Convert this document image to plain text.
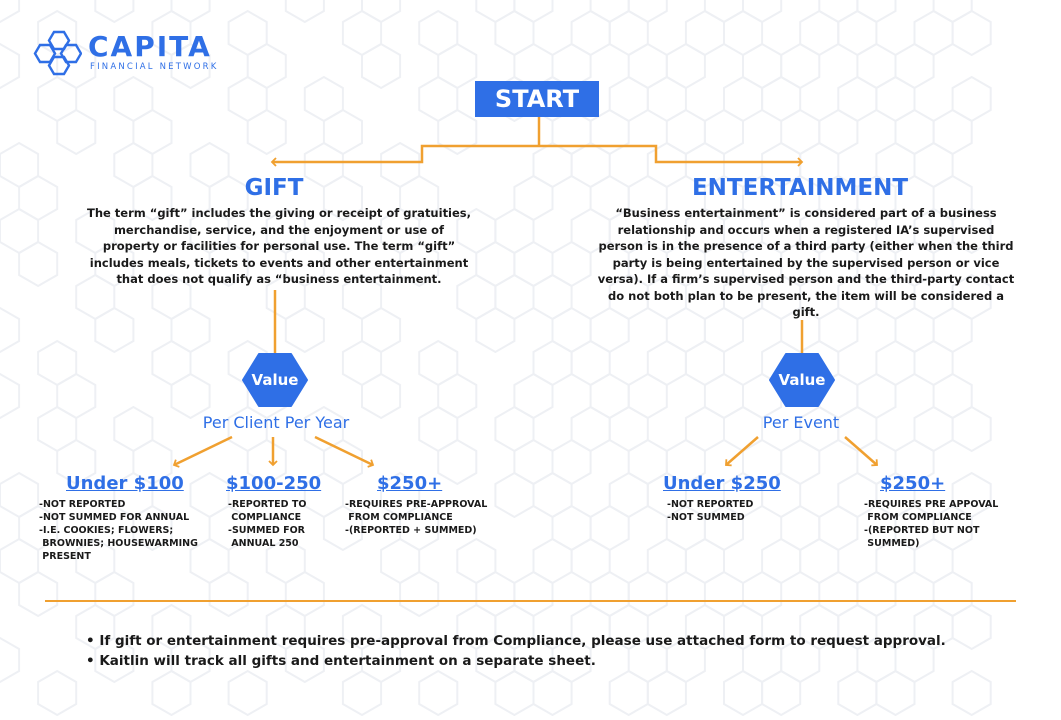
CAPITA
FINANCIAL NETWORK
START
GIFT
The term “gift” includes the giving or receipt of gratuities, merchandise, service, and the enjoyment or use of property or facilities for personal use. The term “gift” includes meals, tickets to events and other entertainment that does not qualify as “business entertainment.
Value
Per Client Per Year
Under $100
-NOT REPORTED
-NOT SUMMED FOR ANNUAL
-I.E. COOKIES; FLOWERS;
BROWNIES; HOUSEWARMING
PRESENT
$100-250
-REPORTED TO
COMPLIANCE
-SUMMED FOR
ANNUAL 250
$250+
-REQUIRES PRE-APPROVAL
FROM COMPLIANCE
-(REPORTED + SUMMED)
ENTERTAINMENT
“Business entertainment” is considered part of a business relationship and occurs when a registered IA’s supervised person is in the presence of a third party (either when the third party is being entertained by the supervised person or vice versa). If a firm’s supervised person and the third-party contact do not both plan to be present, the item will be considered a gift.
Value
Per Event
Under $250
-NOT REPORTED
-NOT SUMMED
$250+
-REQUIRES PRE APPOVAL
FROM COMPLIANCE
-(REPORTED BUT NOT
SUMMED)
• If gift or entertainment requires pre-approval from Compliance, please use attached form to request approval.
• Kaitlin will track all gifts and entertainment on a separate sheet.
